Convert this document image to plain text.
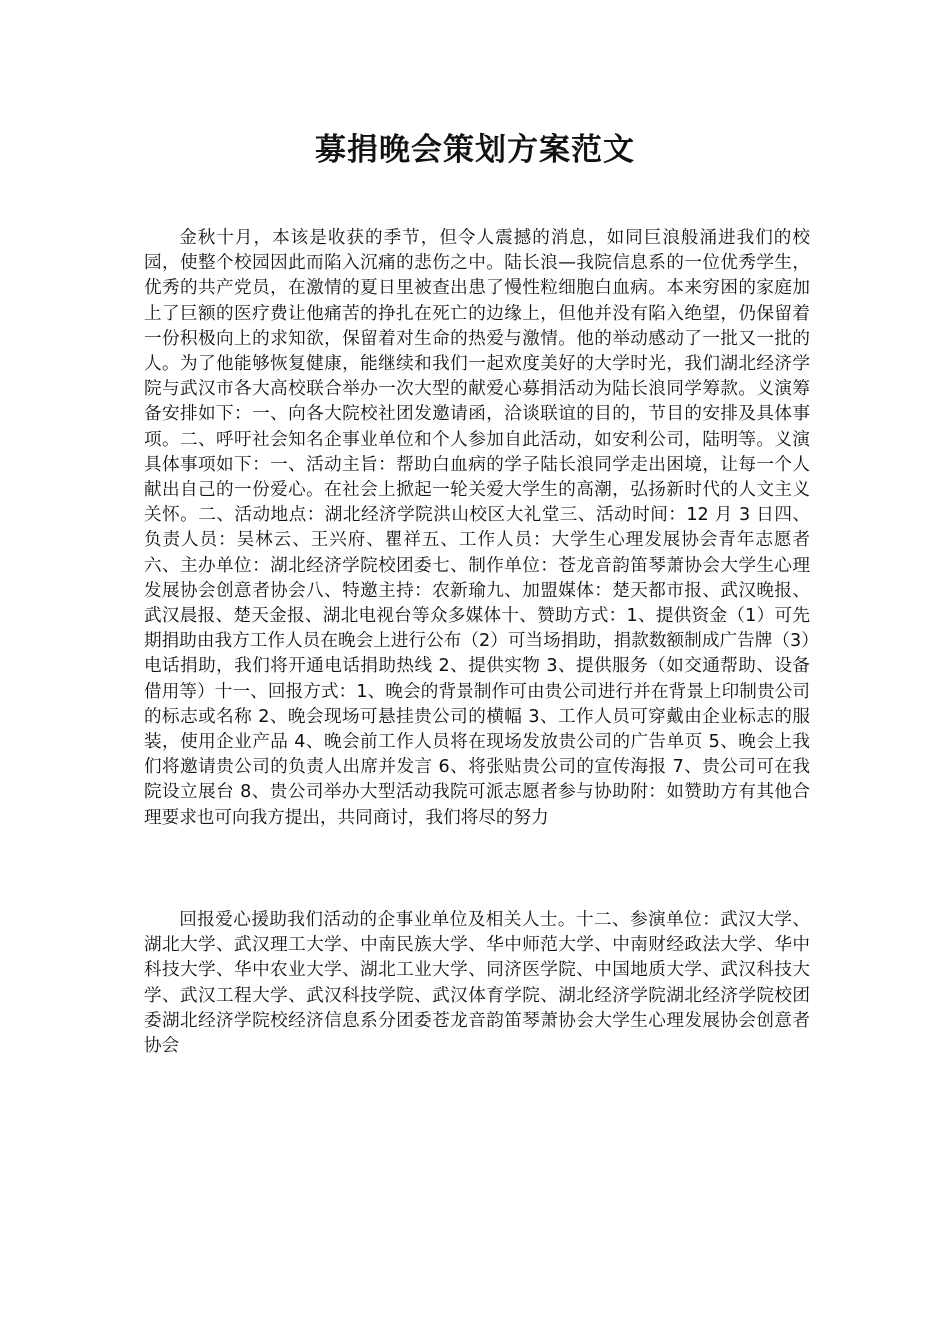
募捐晚会策划方案范文

金秋十月，本该是收获的季节，但令人震撼的消息，如同巨浪般涌进我们的校园，使整个校园因此而陷入沉痛的悲伤之中。陆长浪—我院信息系的一位优秀学生，优秀的共产党员，在激情的夏日里被查出患了慢性粒细胞白血病。本来穷困的家庭加上了巨额的医疗费让他痛苦的挣扎在死亡的边缘上，但他并没有陷入绝望，仍保留着一份积极向上的求知欲，保留着对生命的热爱与激情。他的举动感动了一批又一批的人。为了他能够恢复健康，能继续和我们一起欢度美好的大学时光，我们湖北经济学院与武汉市各大高校联合举办一次大型的献爱心募捐活动为陆长浪同学筹款。义演筹备安排如下：一、向各大院校社团发邀请函，洽谈联谊的目的，节目的安排及具体事项。二、呼吁社会知名企事业单位和个人参加自此活动，如安利公司，陆明等。义演具体事项如下：一、活动主旨：帮助白血病的学子陆长浪同学走出困境，让每一个人献出自己的一份爱心。在社会上掀起一轮关爱大学生的高潮，弘扬新时代的人文主义关怀。二、活动地点：湖北经济学院洪山校区大礼堂三、活动时间：12 月 3 日四、负责人员：吴林云、王兴府、瞿祥五、工作人员：大学生心理发展协会青年志愿者六、主办单位：湖北经济学院校团委七、制作单位：苍龙音韵笛琴萧协会大学生心理发展协会创意者协会八、特邀主持：农新瑜九、加盟媒体：楚天都市报、武汉晚报、武汉晨报、楚天金报、湖北电视台等众多媒体十、赞助方式：1、提供资金（1）可先期捐助由我方工作人员在晚会上进行公布（2）可当场捐助，捐款数额制成广告牌（3）电话捐助，我们将开通电话捐助热线 2、提供实物 3、提供服务（如交通帮助、设备借用等）十一、回报方式：1、晚会的背景制作可由贵公司进行并在背景上印制贵公司的标志或名称 2、晚会现场可悬挂贵公司的横幅 3、工作人员可穿戴由企业标志的服装，使用企业产品 4、晚会前工作人员将在现场发放贵公司的广告单页 5、晚会上我们将邀请贵公司的负责人出席并发言 6、将张贴贵公司的宣传海报 7、贵公司可在我院设立展台 8、贵公司举办大型活动我院可派志愿者参与协助附：如赞助方有其他合理要求也可向我方提出，共同商讨，我们将尽的努力

回报爱心援助我们活动的企事业单位及相关人士。十二、参演单位：武汉大学、湖北大学、武汉理工大学、中南民族大学、华中师范大学、中南财经政法大学、华中科技大学、华中农业大学、湖北工业大学、同济医学院、中国地质大学、武汉科技大学、武汉工程大学、武汉科技学院、武汉体育学院、湖北经济学院湖北经济学院校团委湖北经济学院校经济信息系分团委苍龙音韵笛琴萧协会大学生心理发展协会创意者协会
